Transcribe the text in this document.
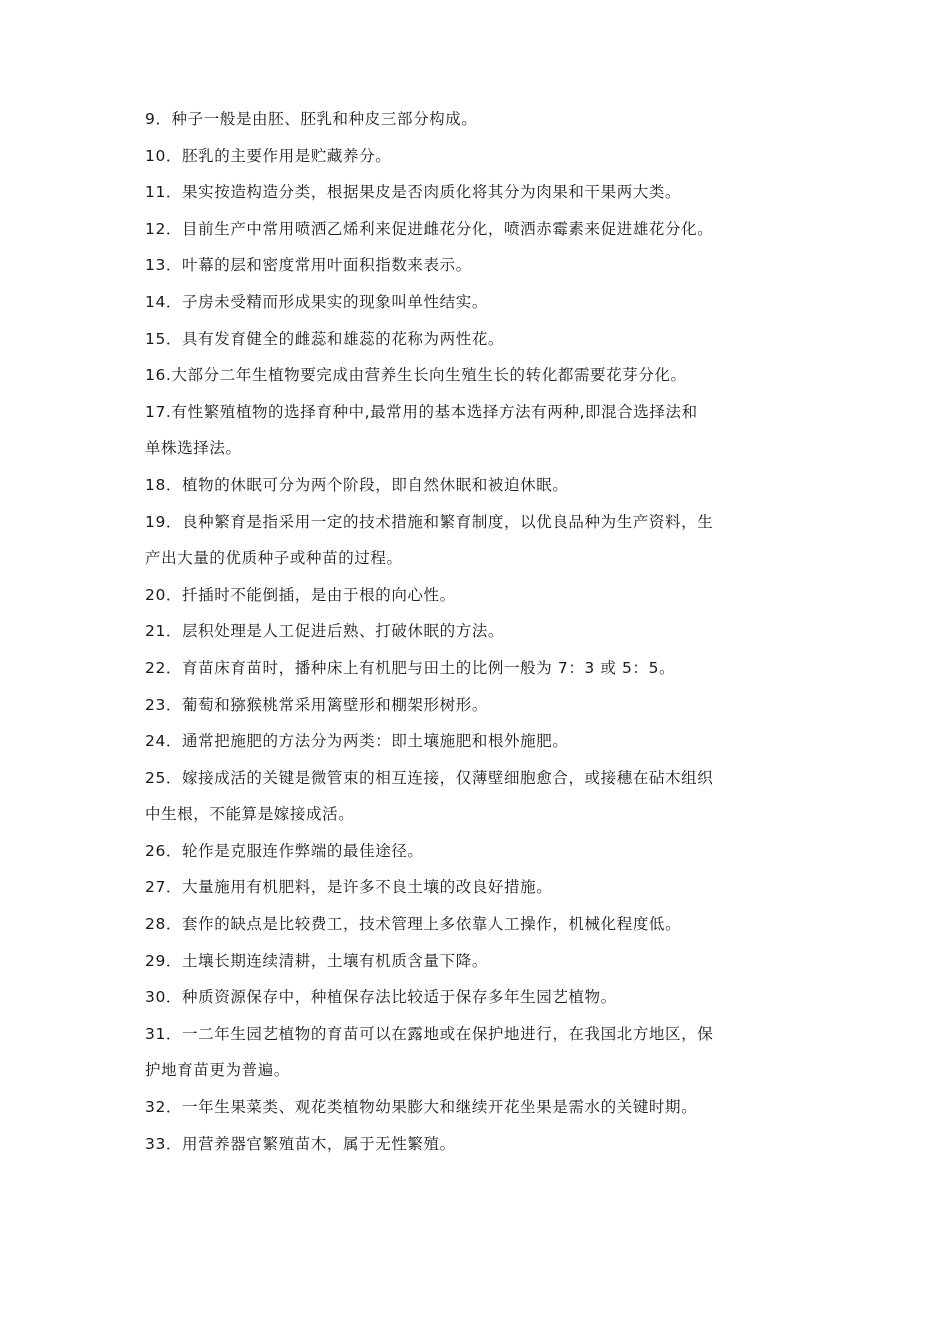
9．种子一般是由胚、胚乳和种皮三部分构成。
10．胚乳的主要作用是贮藏养分。
11．果实按造构造分类，根据果皮是否肉质化将其分为肉果和干果两大类。
12．目前生产中常用喷洒乙烯利来促进雌花分化，喷洒赤霉素来促进雄花分化。
13．叶幕的层和密度常用叶面积指数来表示。
14．子房未受精而形成果实的现象叫单性结实。
15．具有发育健全的雌蕊和雄蕊的花称为两性花。
16.大部分二年生植物要完成由营养生长向生殖生长的转化都需要花芽分化。
17.有性繁殖植物的选择育种中,最常用的基本选择方法有两种,即混合选择法和
单株选择法。
18．植物的休眠可分为两个阶段，即自然休眠和被迫休眠。
19．良种繁育是指采用一定的技术措施和繁育制度，以优良品种为生产资料，生
产出大量的优质种子或种苗的过程。
20．扦插时不能倒插，是由于根的向心性。
21．层积处理是人工促进后熟、打破休眠的方法。
22．育苗床育苗时，播种床上有机肥与田土的比例一般为 7：3 或 5：5。
23．葡萄和猕猴桃常采用篱壁形和棚架形树形。
24．通常把施肥的方法分为两类：即土壤施肥和根外施肥。
25．嫁接成活的关键是微管束的相互连接，仅薄壁细胞愈合，或接穗在砧木组织
中生根，不能算是嫁接成活。
26．轮作是克服连作弊端的最佳途径。
27．大量施用有机肥料，是许多不良土壤的改良好措施。
28．套作的缺点是比较费工，技术管理上多依靠人工操作，机械化程度低。
29．土壤长期连续清耕，土壤有机质含量下降。
30．种质资源保存中，种植保存法比较适于保存多年生园艺植物。
31．一二年生园艺植物的育苗可以在露地或在保护地进行，在我国北方地区，保
护地育苗更为普遍。
32．一年生果菜类、观花类植物幼果膨大和继续开花坐果是需水的关键时期。
33．用营养器官繁殖苗木，属于无性繁殖。
